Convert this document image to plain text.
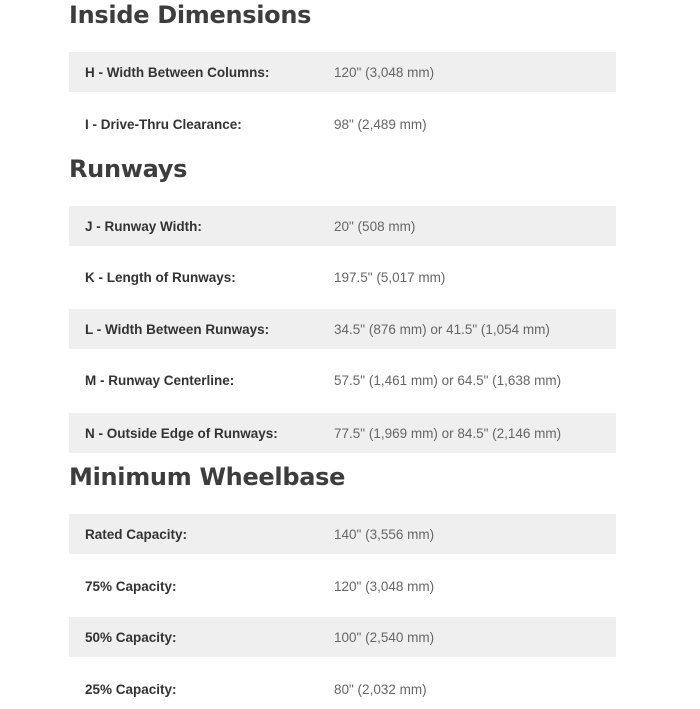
Inside Dimensions
H - Width Between Columns:	120" (3,048 mm)
I - Drive-Thru Clearance:	98" (2,489 mm)
Runways
J - Runway Width:	20" (508 mm)
K - Length of Runways:	197.5" (5,017 mm)
L - Width Between Runways:	34.5" (876 mm) or 41.5" (1,054 mm)
M - Runway Centerline:	57.5" (1,461 mm) or 64.5" (1,638 mm)
N - Outside Edge of Runways:	77.5" (1,969 mm) or 84.5" (2,146 mm)
Minimum Wheelbase
Rated Capacity:	140" (3,556 mm)
75% Capacity:	120" (3,048 mm)
50% Capacity:	100" (2,540 mm)
25% Capacity:	80" (2,032 mm)
